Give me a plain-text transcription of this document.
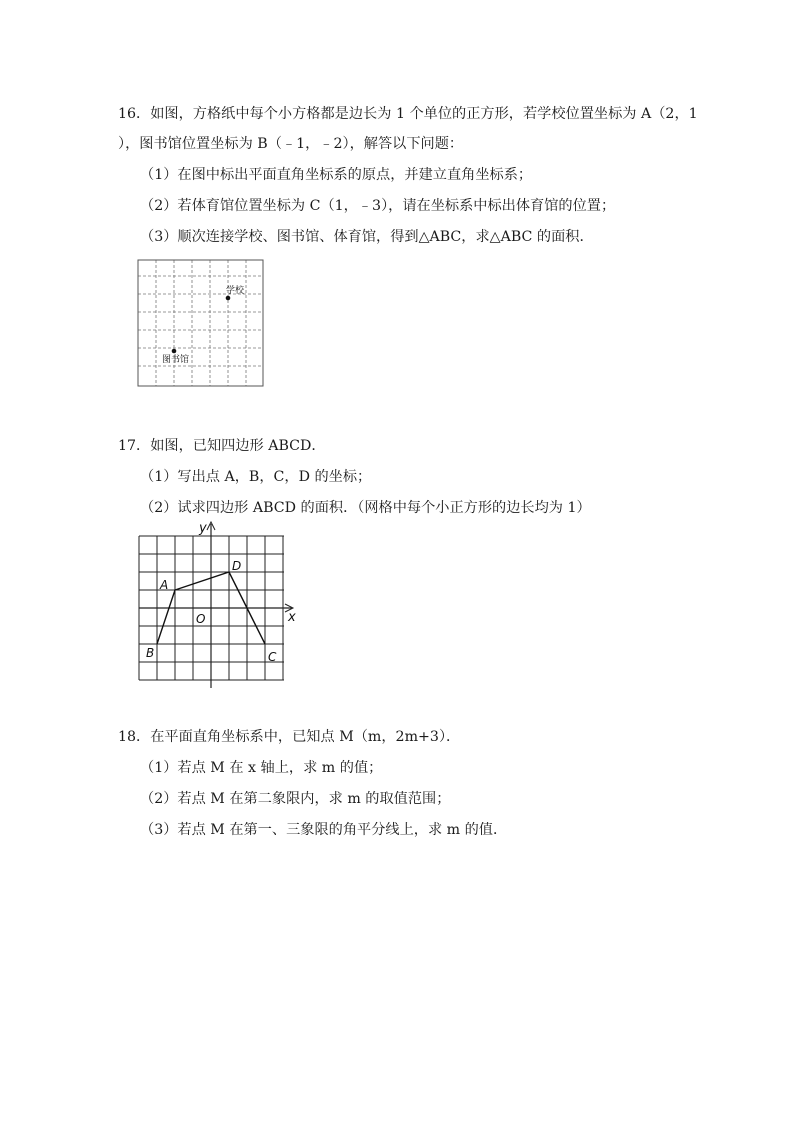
16．如图，方格纸中每个小方格都是边长为 1 个单位的正方形，若学校位置坐标为 A（2，1
），图书馆位置坐标为 B（﹣1，﹣2），解答以下问题：
（1）在图中标出平面直角坐标系的原点，并建立直角坐标系；
（2）若体育馆位置坐标为 C（1，﹣3），请在坐标系中标出体育馆的位置；
（3）顺次连接学校、图书馆、体育馆，得到△ABC，求△ABC 的面积．
学校
图书馆
17．如图，已知四边形 ABCD．
（1）写出点 A，B，C，D 的坐标；
（2）试求四边形 ABCD 的面积．（网格中每个小正方形的边长均为 1）
y
x
O
A
B	C
D
18．在平面直角坐标系中，已知点 M（m，2m+3）．
（1）若点 M 在 x 轴上，求 m 的值；
（2）若点 M 在第二象限内，求 m 的取值范围；
（3）若点 M 在第一、三象限的角平分线上，求 m 的值．
